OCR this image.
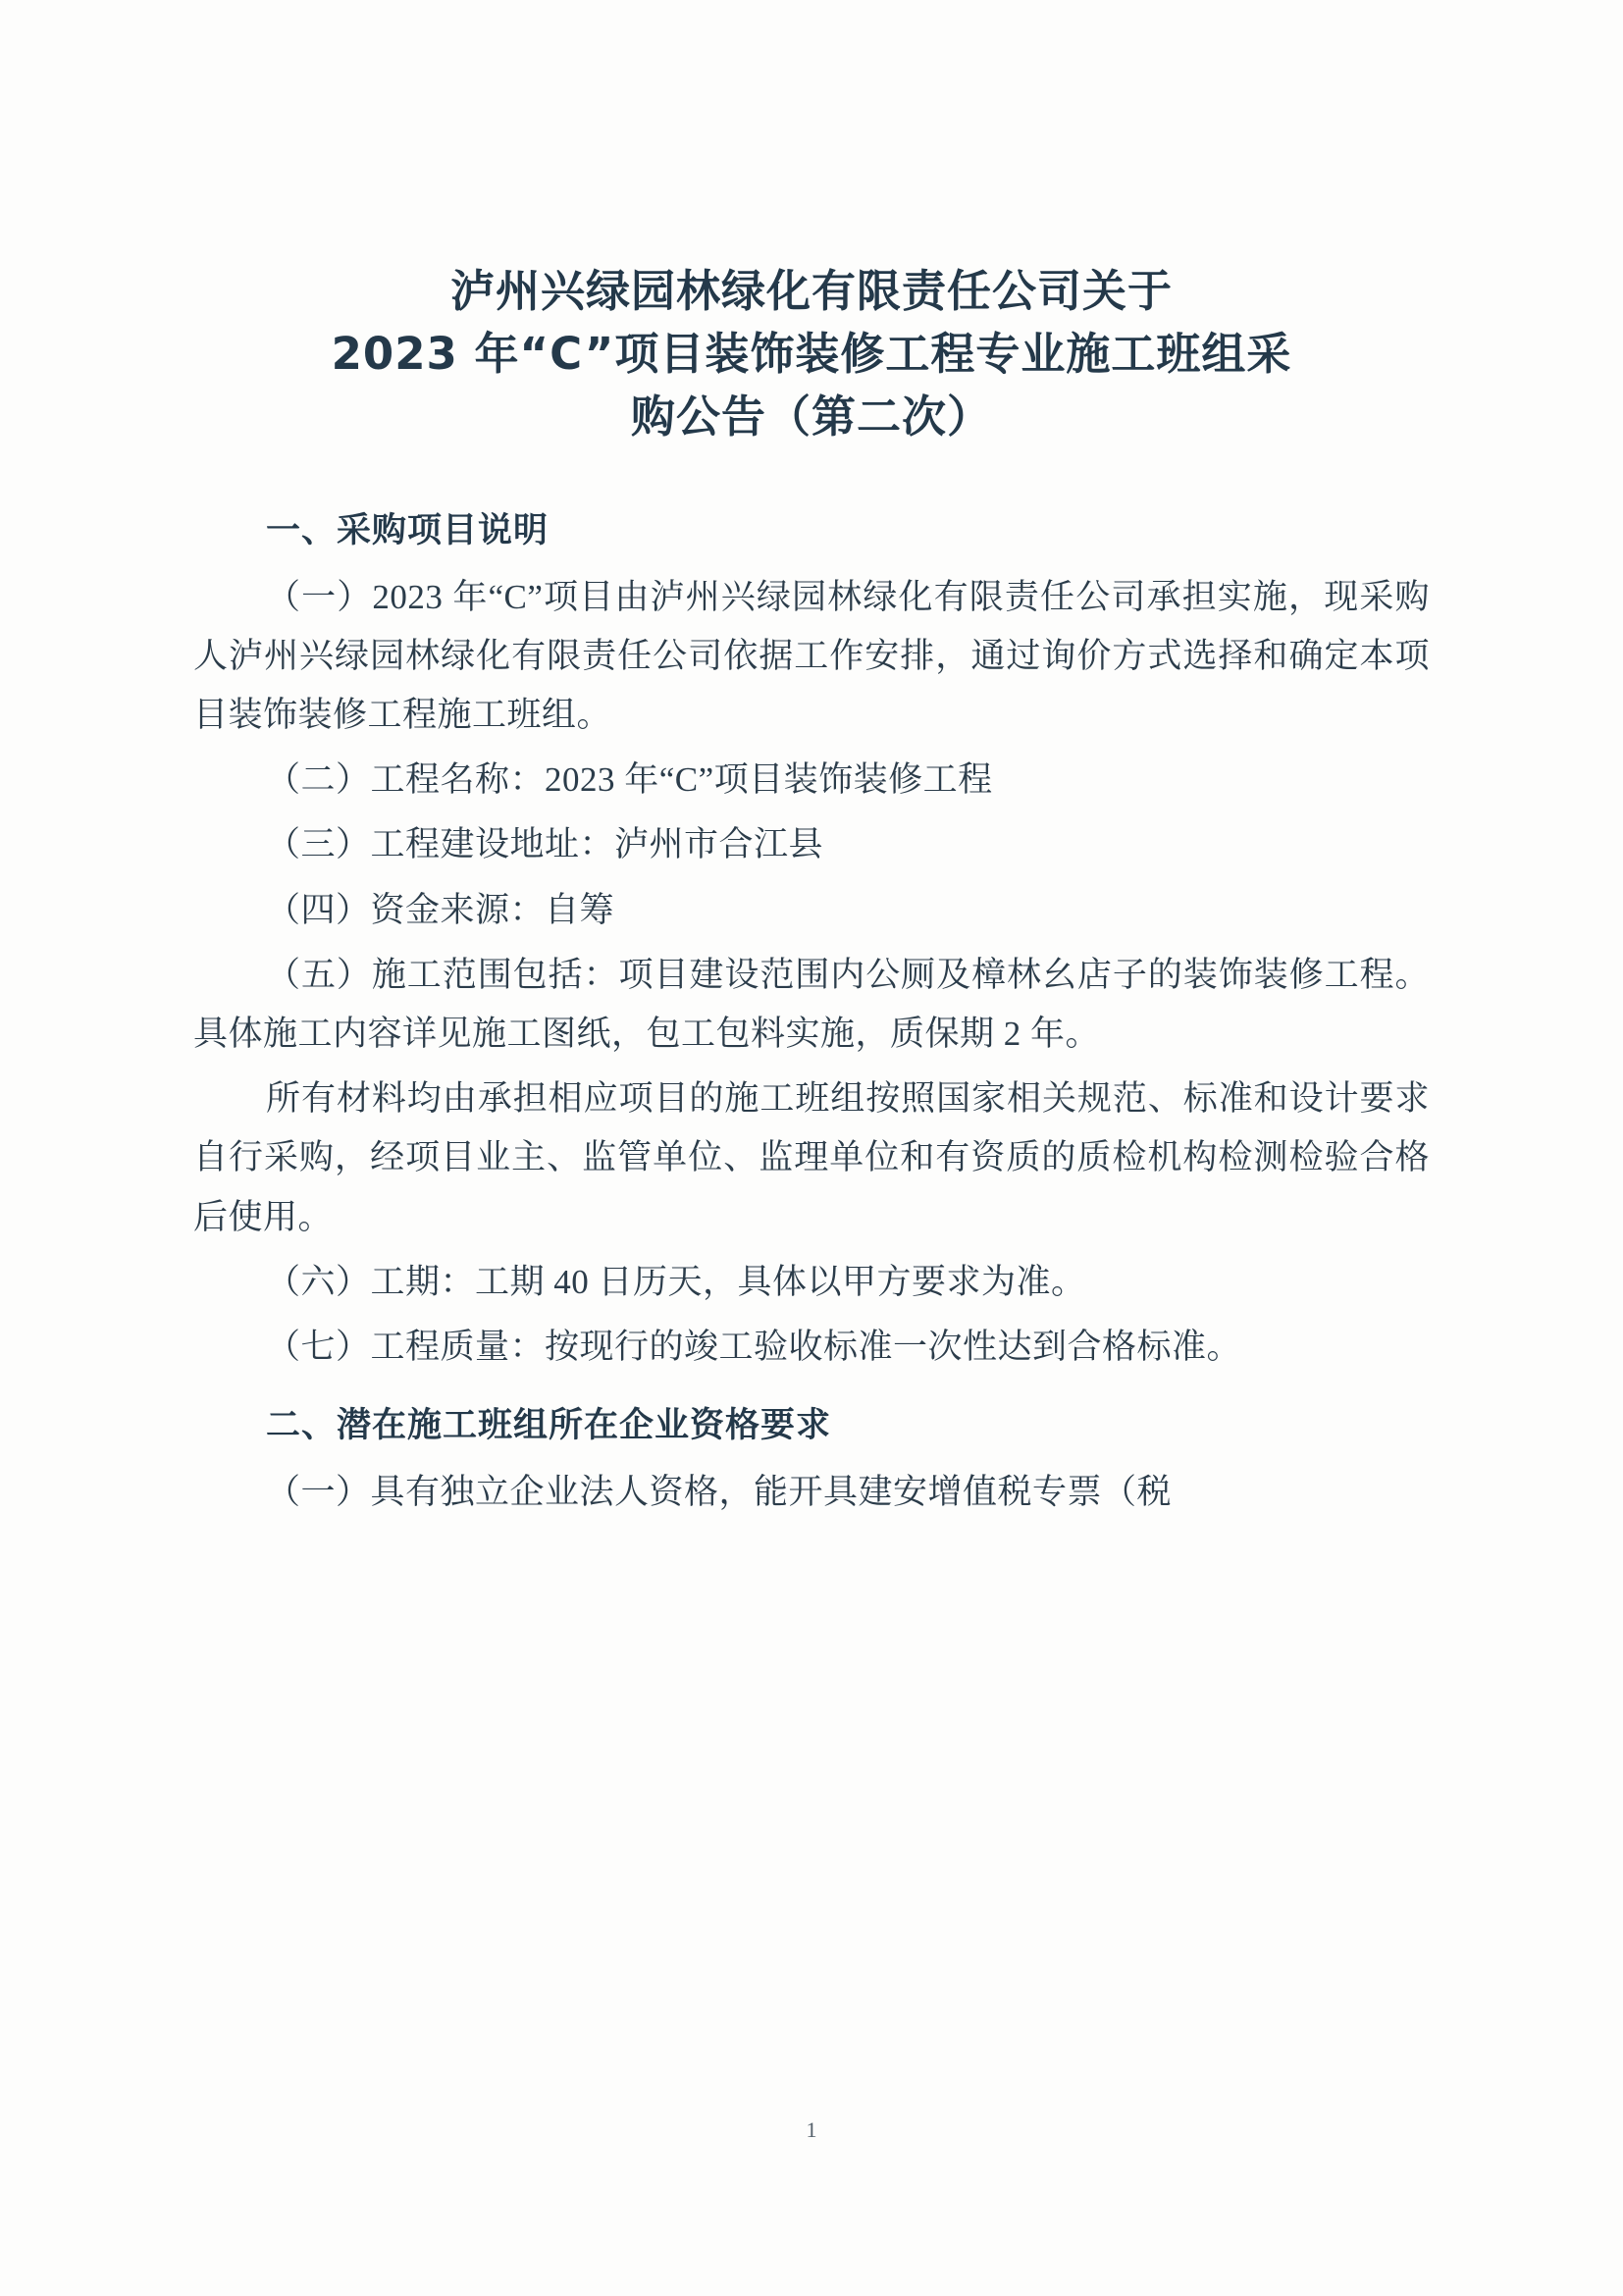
泸州兴绿园林绿化有限责任公司关于
2023 年“C”项目装饰装修工程专业施工班组采
购公告（第二次）
一、采购项目说明

（一）2023 年“C”项目由泸州兴绿园林绿化有限责任公司承担实施，现采购人泸州兴绿园林绿化有限责任公司依据工作安排，通过询价方式选择和确定本项目装饰装修工程施工班组。

（二）工程名称：2023 年“C”项目装饰装修工程

（三）工程建设地址：泸州市合江县

（四）资金来源：自筹

（五）施工范围包括：项目建设范围内公厕及樟林幺店子的装饰装修工程。具体施工内容详见施工图纸，包工包料实施，质保期 2 年。

所有材料均由承担相应项目的施工班组按照国家相关规范、标准和设计要求自行采购，经项目业主、监管单位、监理单位和有资质的质检机构检测检验合格后使用。

（六）工期：工期 40 日历天，具体以甲方要求为准。

（七）工程质量：按现行的竣工验收标准一次性达到合格标准。

二、潜在施工班组所在企业资格要求

（一）具有独立企业法人资格，能开具建安增值税专票（税

1
